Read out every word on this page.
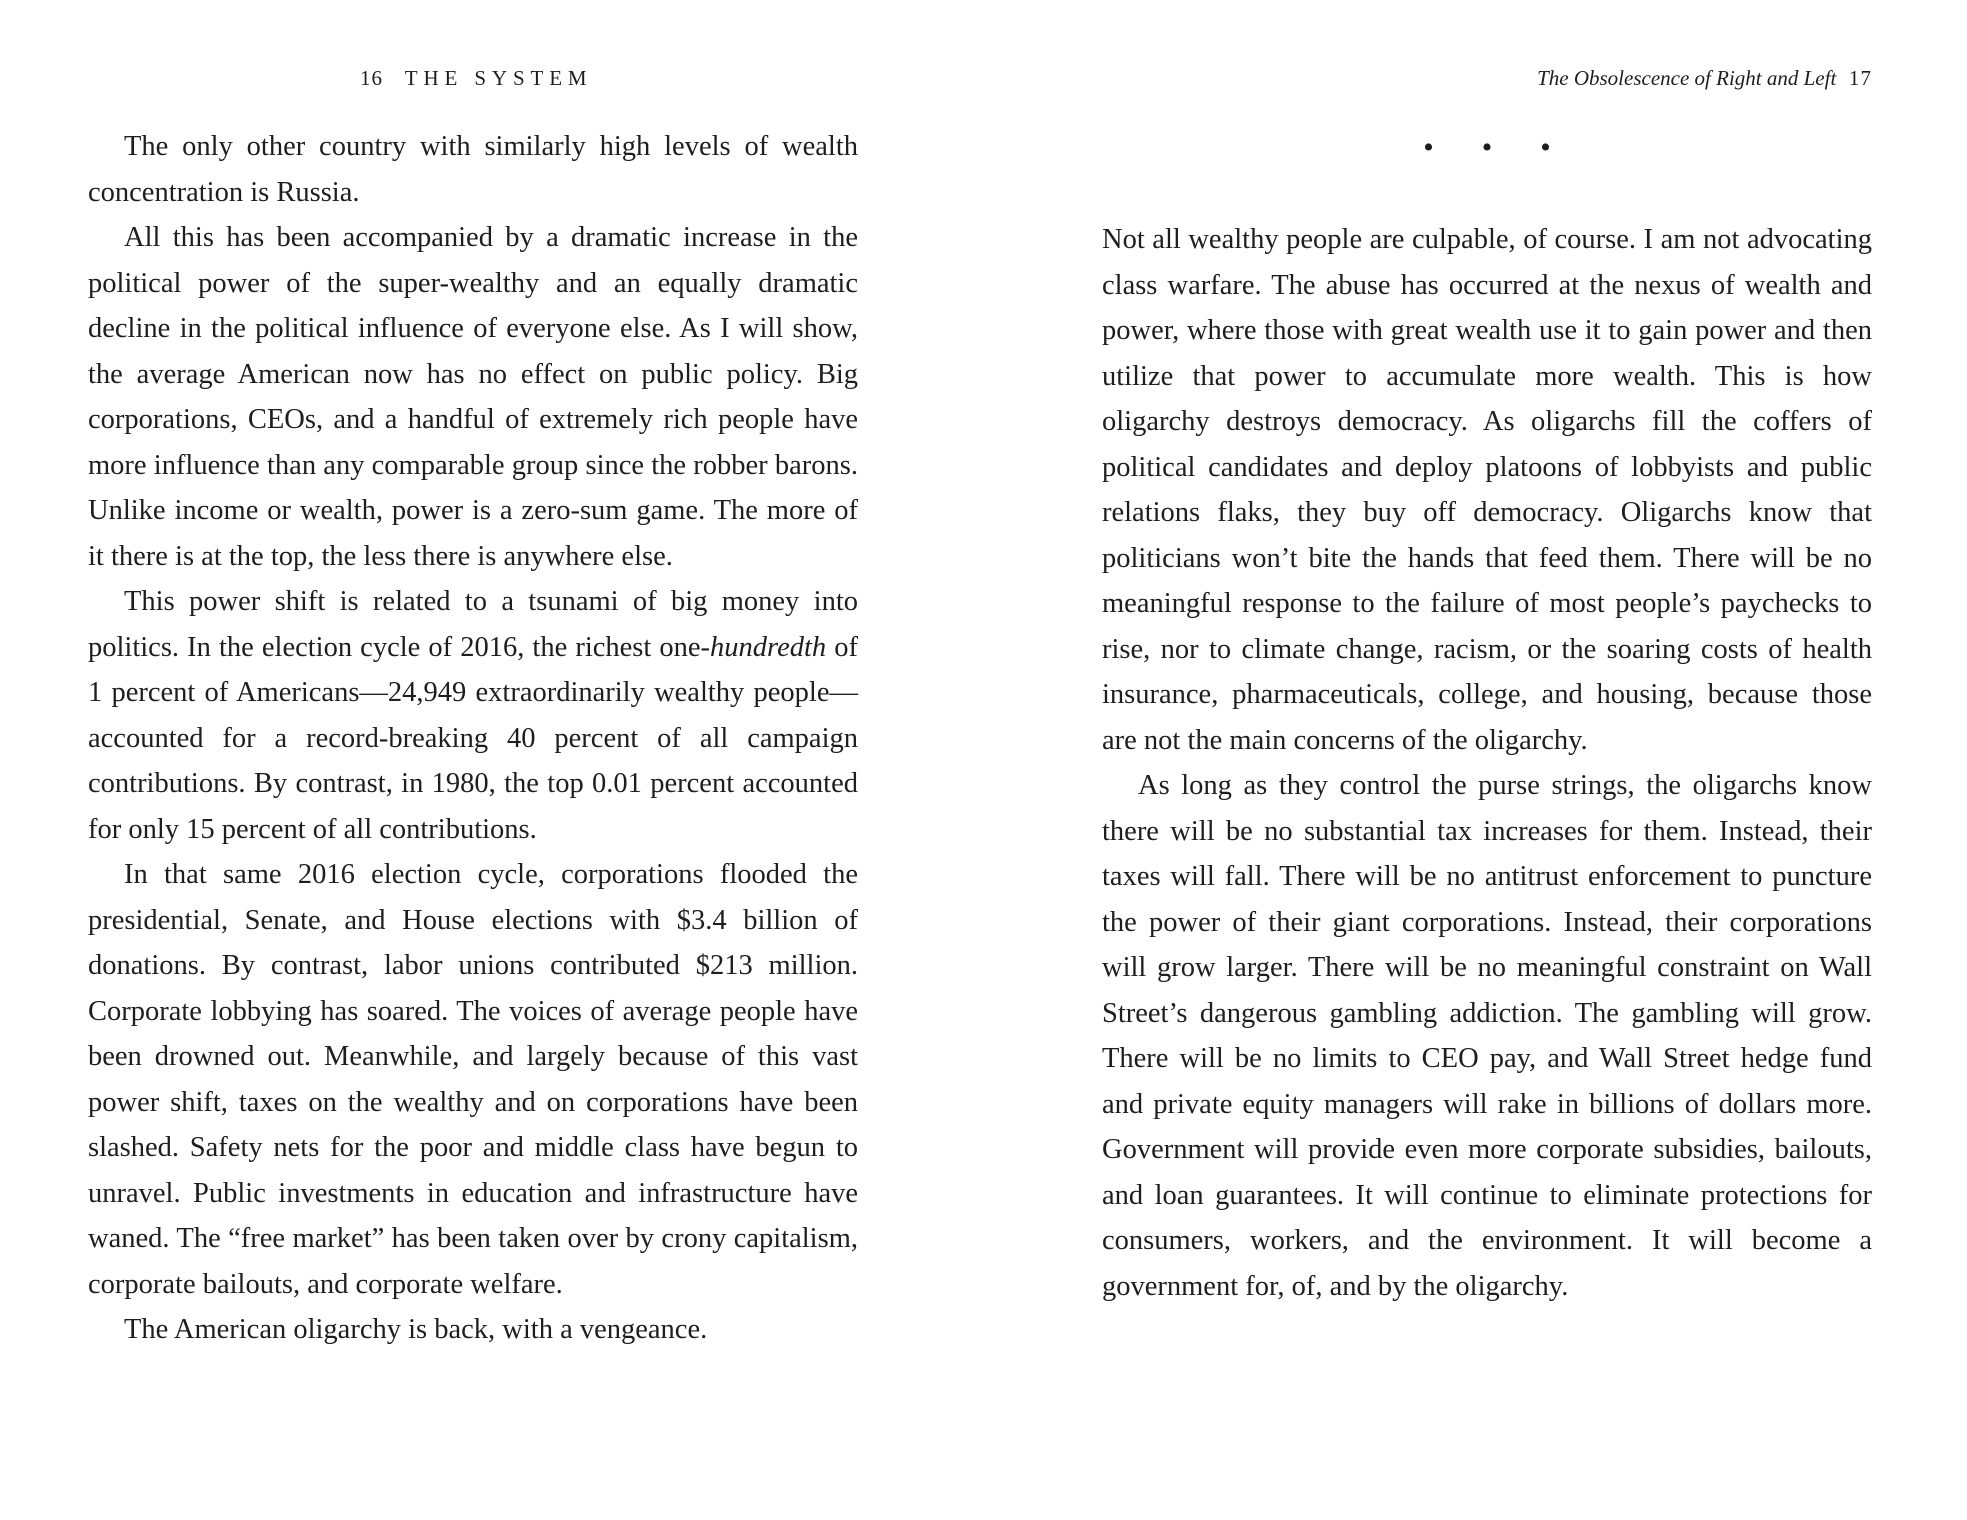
16 THE SYSTEM

The only other country with similarly high levels of wealth concentration is Russia.

All this has been accompanied by a dramatic increase in the political power of the super-wealthy and an equally dramatic decline in the political influence of everyone else. As I will show, the average American now has no effect on public policy. Big corporations, CEOs, and a handful of extremely rich people have more influence than any comparable group since the robber barons. Unlike income or wealth, power is a zero-sum game. The more of it there is at the top, the less there is anywhere else.

This power shift is related to a tsunami of big money into politics. In the election cycle of 2016, the richest one-hundredth of 1 percent of Americans—24,949 extraordinarily wealthy people—accounted for a record-breaking 40 percent of all campaign contributions. By contrast, in 1980, the top 0.01 percent accounted for only 15 percent of all contributions.

In that same 2016 election cycle, corporations flooded the presidential, Senate, and House elections with $3.4 billion of donations. By contrast, labor unions contributed $213 million. Corporate lobbying has soared. The voices of average people have been drowned out. Meanwhile, and largely because of this vast power shift, taxes on the wealthy and on corporations have been slashed. Safety nets for the poor and middle class have begun to unravel. Public investments in education and infrastructure have waned. The “free market” has been taken over by crony capitalism, corporate bailouts, and corporate welfare.

The American oligarchy is back, with a vengeance.

The Obsolescence of Right and Left 17
•••

Not all wealthy people are culpable, of course. I am not advocating class warfare. The abuse has occurred at the nexus of wealth and power, where those with great wealth use it to gain power and then utilize that power to accumulate more wealth. This is how oligarchy destroys democracy. As oligarchs fill the coffers of political candidates and deploy platoons of lobbyists and public relations flaks, they buy off democracy. Oligarchs know that politicians won’t bite the hands that feed them. There will be no meaningful response to the failure of most people’s paychecks to rise, nor to climate change, racism, or the soaring costs of health insurance, pharmaceuticals, college, and housing, because those are not the main concerns of the oligarchy.

As long as they control the purse strings, the oligarchs know there will be no substantial tax increases for them. Instead, their taxes will fall. There will be no antitrust enforcement to puncture the power of their giant corporations. Instead, their corporations will grow larger. There will be no meaningful constraint on Wall Street’s dangerous gambling addiction. The gambling will grow. There will be no limits to CEO pay, and Wall Street hedge fund and private equity managers will rake in billions of dollars more. Government will provide even more corporate subsidies, bailouts, and loan guarantees. It will continue to eliminate protections for consumers, workers, and the environment. It will become a government for, of, and by the oligarchy.
